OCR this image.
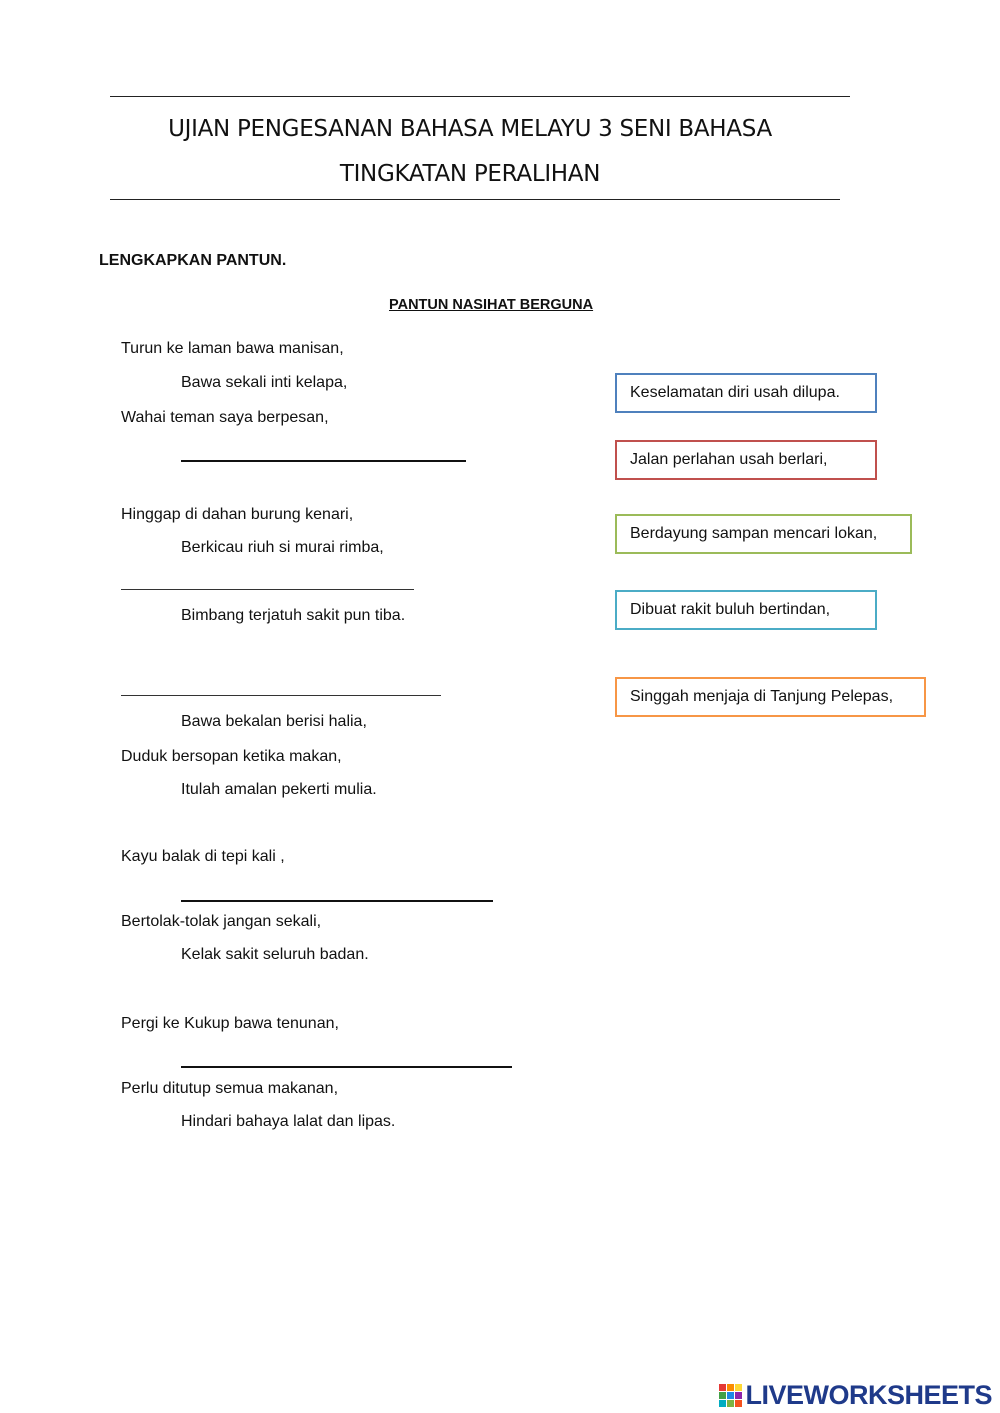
UJIAN PENGESANAN BAHASA MELAYU 3 SENI BAHASA
TINGKATAN PERALIHAN
LENGKAPKAN PANTUN.
PANTUN NASIHAT BERGUNA
Turun ke laman bawa manisan,
Bawa sekali inti kelapa,
Wahai teman saya berpesan,
Hinggap di dahan burung kenari,
Berkicau riuh si murai rimba,
Bimbang terjatuh sakit pun tiba.
Bawa bekalan berisi halia,
Duduk bersopan ketika makan,
Itulah amalan pekerti mulia.
Kayu balak di tepi kali ,
Bertolak-tolak jangan sekali,
Kelak sakit seluruh badan.
Pergi ke Kukup bawa tenunan,
Perlu ditutup semua makanan,
Hindari bahaya lalat dan lipas.
Keselamatan diri usah dilupa.
Jalan perlahan usah berlari,
Berdayung sampan mencari lokan,
Dibuat rakit buluh bertindan,
Singgah menjaja di Tanjung Pelepas,
LIVEWORKSHEETS
